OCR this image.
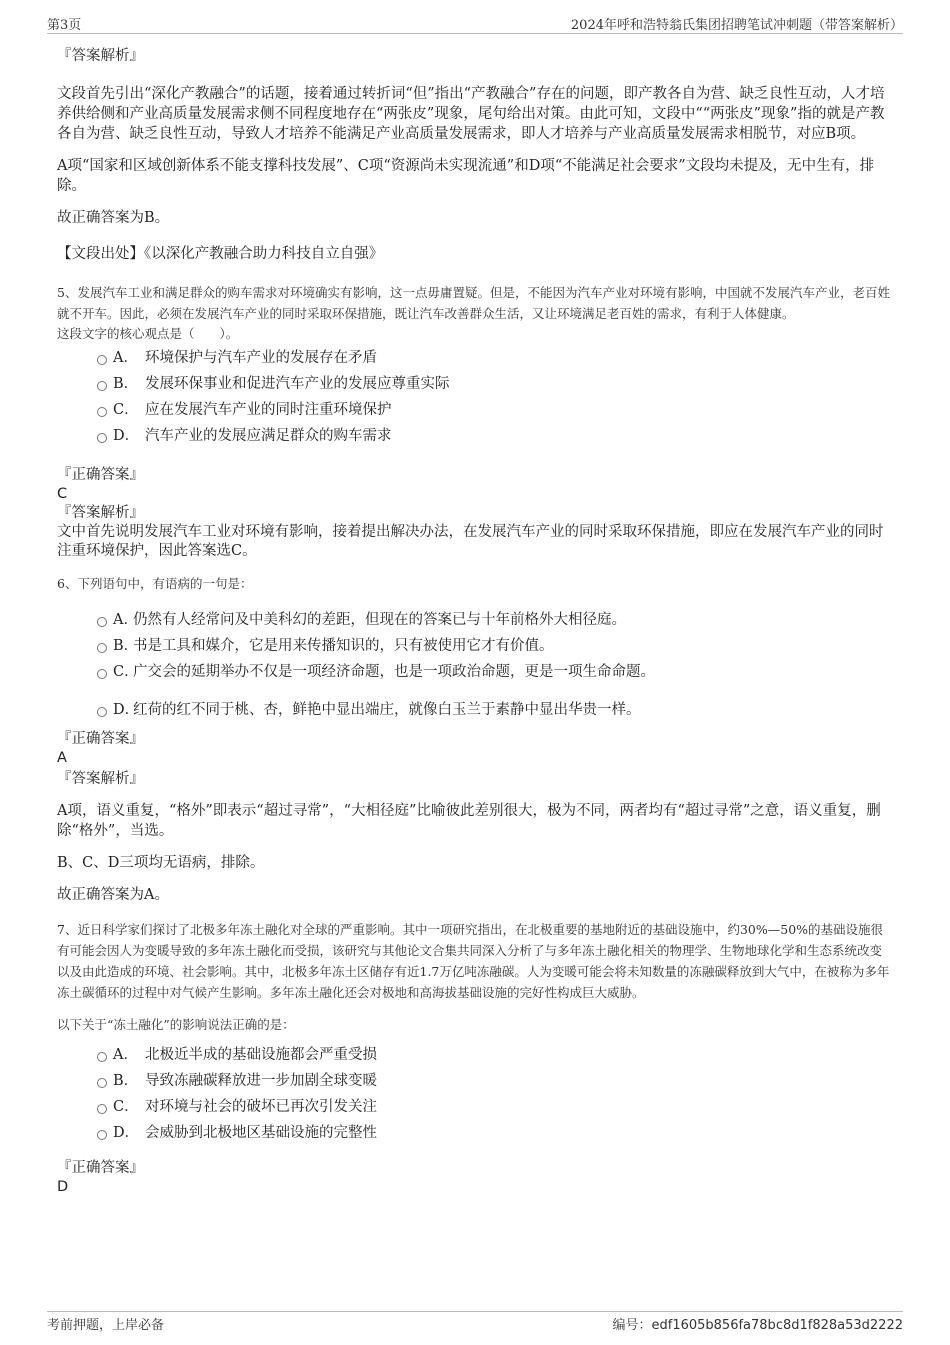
第3页	2024年呼和浩特翁氏集团招聘笔试冲刺题（带答案解析）

『答案解析』

文段首先引出“深化产教融合”的话题，接着通过转折词“但”指出“产教融合”存在的问题，即产教各自为营、缺乏良性互动，人才培养供给侧和产业高质量发展需求侧不同程度地存在“两张皮”现象，尾句给出对策。由此可知，文段中““两张皮”现象”指的就是产教各自为营、缺乏良性互动，导致人才培养不能满足产业高质量发展需求，即人才培养与产业高质量发展需求相脱节，对应B项。

A项“国家和区域创新体系不能支撑科技发展”、C项“资源尚未实现流通”和D项“不能满足社会要求”文段均未提及，无中生有，排除。

故正确答案为B。

【文段出处】《以深化产教融合助力科技自立自强》

5、发展汽车工业和满足群众的购车需求对环境确实有影响，这一点毋庸置疑。但是，不能因为汽车产业对环境有影响，中国就不发展汽车产业，老百姓就不开车。因此，必须在发展汽车产业的同时采取环保措施，既让汽车改善群众生活，又让环境满足老百姓的需求，有利于人体健康。

这段文字的核心观点是（　　）。

A． 环境保护与汽车产业的发展存在矛盾
B． 发展环保事业和促进汽车产业的发展应尊重实际
C． 应在发展汽车产业的同时注重环境保护
D． 汽车产业的发展应满足群众的购车需求

『正确答案』

C

『答案解析』

文中首先说明发展汽车工业对环境有影响，接着提出解决办法，在发展汽车产业的同时采取环保措施，即应在发展汽车产业的同时注重环境保护，因此答案选C。

6、下列语句中，有语病的一句是：

A．仍然有人经常问及中美科幻的差距，但现在的答案已与十年前格外大相径庭。
B．书是工具和媒介，它是用来传播知识的，只有被使用它才有价值。
C．广交会的延期举办不仅是一项经济命题，也是一项政治命题，更是一项生命命题。
D．红荷的红不同于桃、杏，鲜艳中显出端庄，就像白玉兰于素静中显出华贵一样。

『正确答案』

A

『答案解析』

A项，语义重复，“格外”即表示“超过寻常”，“大相径庭”比喻彼此差别很大，极为不同，两者均有“超过寻常”之意，语义重复，删除“格外”，当选。

B、C、D三项均无语病，排除。

故正确答案为A。

7、近日科学家们探讨了北极多年冻土融化对全球的严重影响。其中一项研究指出，在北极重要的基地附近的基础设施中，约30%—50%的基础设施很有可能会因人为变暖导致的多年冻土融化而受损，该研究与其他论文合集共同深入分析了与多年冻土融化相关的物理学、生物地球化学和生态系统改变以及由此造成的环境、社会影响。其中，北极多年冻土区储存有近1.7万亿吨冻融碳。人为变暖可能会将未知数量的冻融碳释放到大气中，在被称为多年冻土碳循环的过程中对气候产生影响。多年冻土融化还会对极地和高海拔基础设施的完好性构成巨大威胁。

以下关于“冻土融化”的影响说法正确的是：

A． 北极近半成的基础设施都会严重受损
B． 导致冻融碳释放进一步加剧全球变暖
C． 对环境与社会的破坏已再次引发关注
D． 会威胁到北极地区基础设施的完整性

『正确答案』

D

考前押题，上岸必备	编号：edf1605b856fa78bc8d1f828a53d2222
